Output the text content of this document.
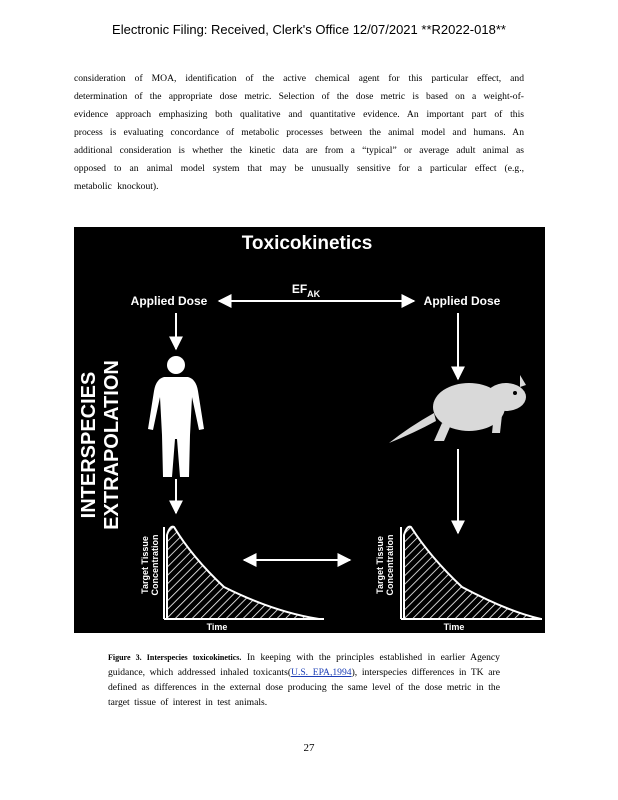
Electronic Filing: Received, Clerk's Office 12/07/2021 **R2022-018**

consideration of MOA, identification of the active chemical agent for this particular effect, and determination of the appropriate dose metric. Selection of the dose metric is based on a weight-of-evidence approach emphasizing both qualitative and quantitative evidence. An important part of this process is evaluating concordance of metabolic processes between the animal model and humans. An additional consideration is whether the kinetic data are from a “typical” or average adult animal as opposed to an animal model system that may be unusually sensitive for a particular effect (e.g., metabolic knockout).

Toxicokinetics
$EF_{AK}$
Applied Dose	Applied Dose
INTERSPECIES EXTRAPOLATION
Target Tissue Concentration
Time
Target Tissue Concentration
Time
Figure 3. Interspecies toxicokinetics. In keeping with the principles established in earlier Agency guidance, which addressed inhaled toxicants(U.S. EPA,1994), interspecies differences in TK are defined as differences in the external dose producing the same level of the dose metric in the target tissue of interest in test animals.
27
